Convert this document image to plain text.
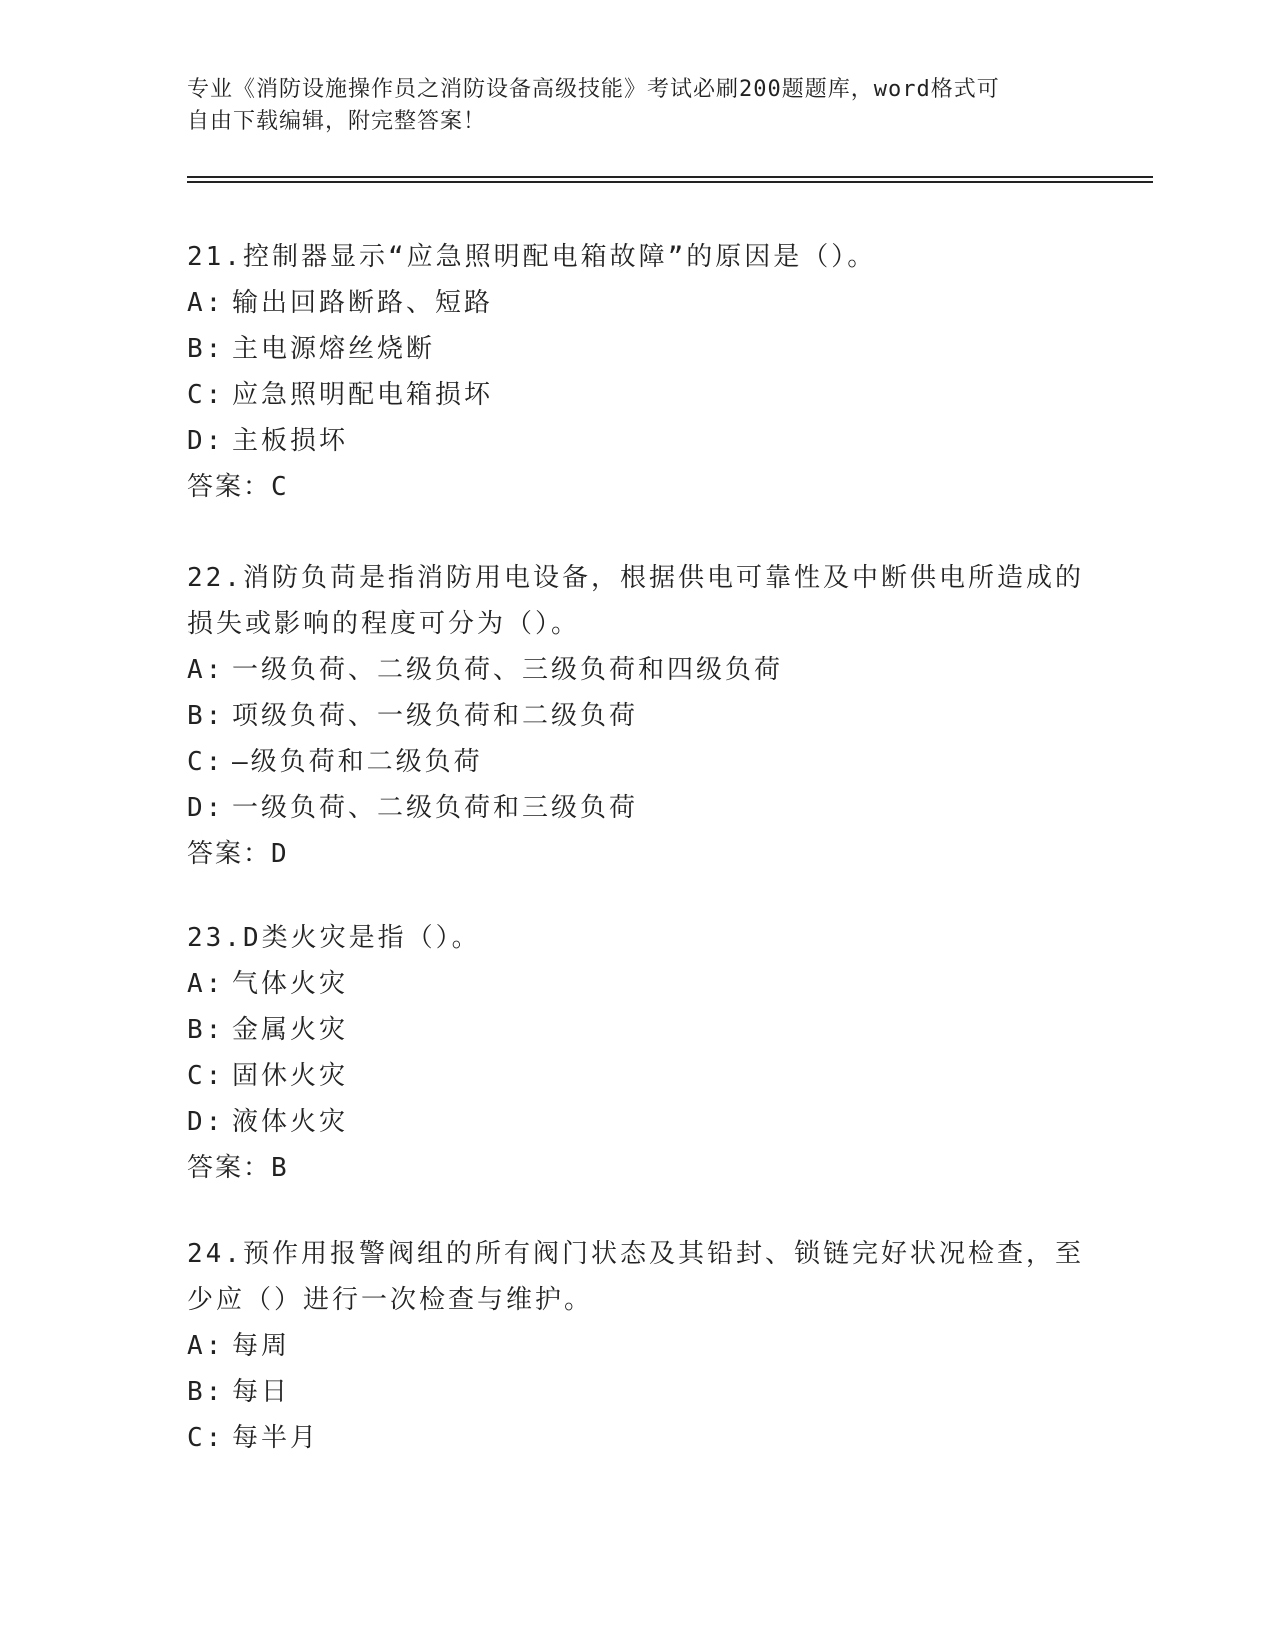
专业《消防设施操作员之消防设备高级技能》考试必刷200题题库，word格式可
自由下载编辑，附完整答案！
21.控制器显示“应急照明配电箱故障”的原因是（）。
A: 输出回路断路、短路
B: 主电源熔丝烧断
C: 应急照明配电箱损坏
D: 主板损坏
答案：C
22.消防负苘是指消防用电设备，根据供电可靠性及中断供电所造成的
损失或影响的程度可分为（）。
A: 一级负荷、二级负荷、三级负荷和四级负荷
B: 项级负荷、一级负荷和二级负荷
C: —级负荷和二级负荷
D: 一级负荷、二级负荷和三级负荷
答案：D
23.D类火灾是指（）。
A: 气体火灾
B: 金属火灾
C: 固休火灾
D: 液体火灾
答案：B
24.预作用报警阀组的所有阀门状态及其铅封、锁链完好状况检查，至
少应（）进行一次检查与维护。
A: 每周
B: 每日
C: 每半月
